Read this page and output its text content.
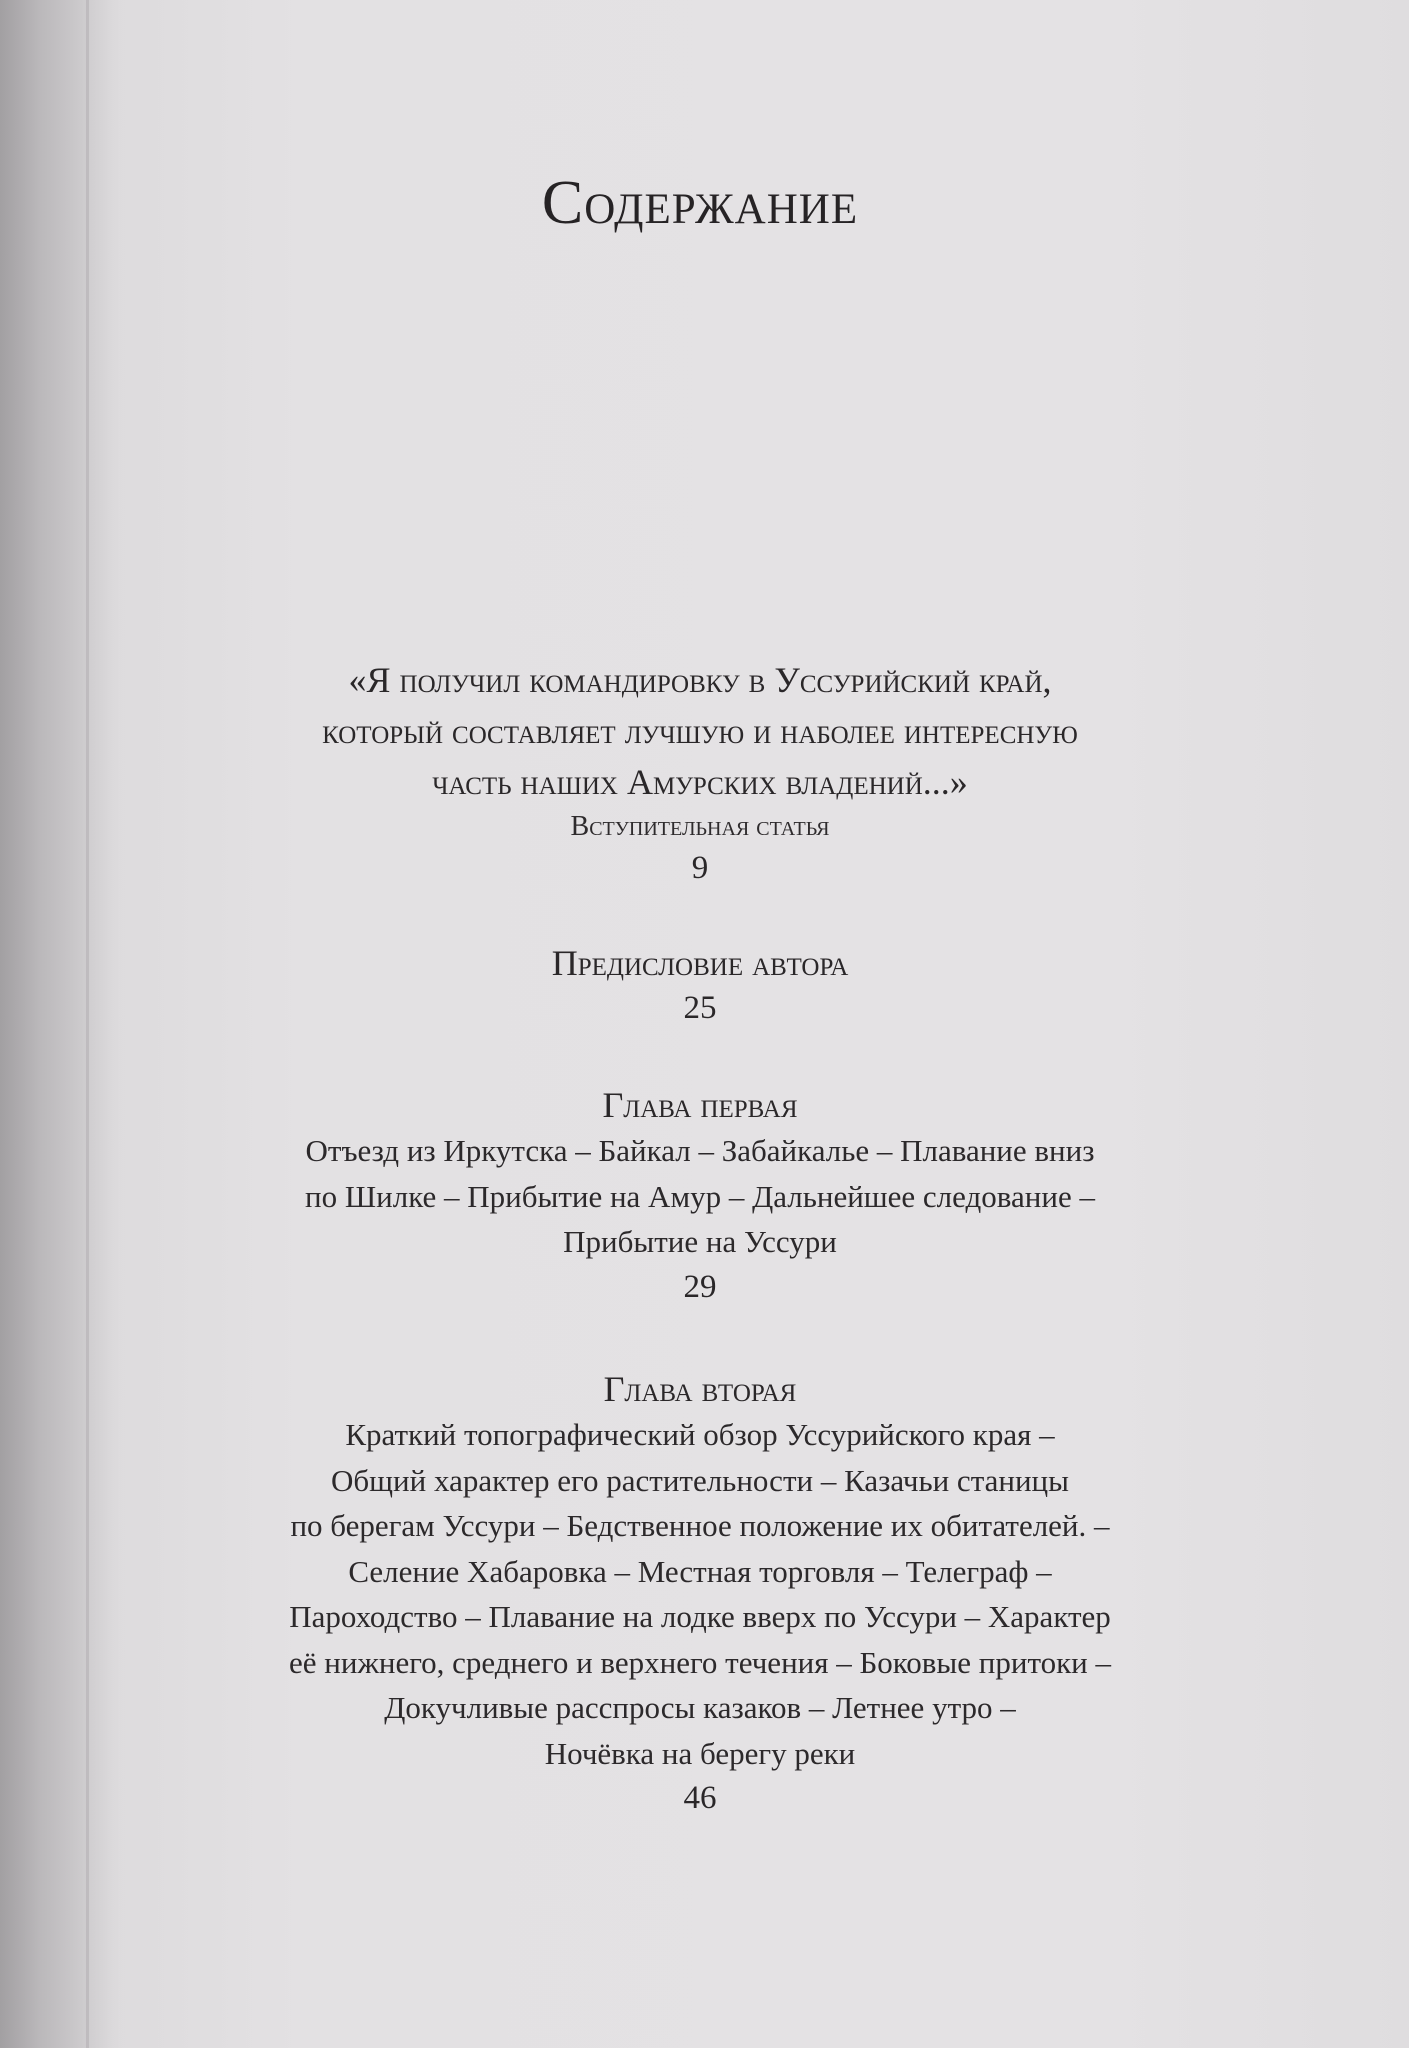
Содержание
«Я получил командировку в Уссурийский край,
который составляет лучшую и наболее интересную
часть наших Амурских владений...»
Вступительная статья
9
Предисловие автора
25
Глава первая
Отъезд из Иркутска – Байкал – Забайкалье – Плавание вниз
по Шилке – Прибытие на Амур – Дальнейшее следование –
Прибытие на Уссури
29
Глава вторая
Краткий топографический обзор Уссурийского края –
Общий характер его растительности – Казачьи станицы
по берегам Уссури – Бедственное положение их обитателей. –
Селение Хабаровка – Местная торговля – Телеграф –
Пароходство – Плавание на лодке вверх по Уссури – Характер
её нижнего, среднего и верхнего течения – Боковые притоки –
Докучливые расспросы казаков – Летнее утро –
Ночёвка на берегу реки
46
